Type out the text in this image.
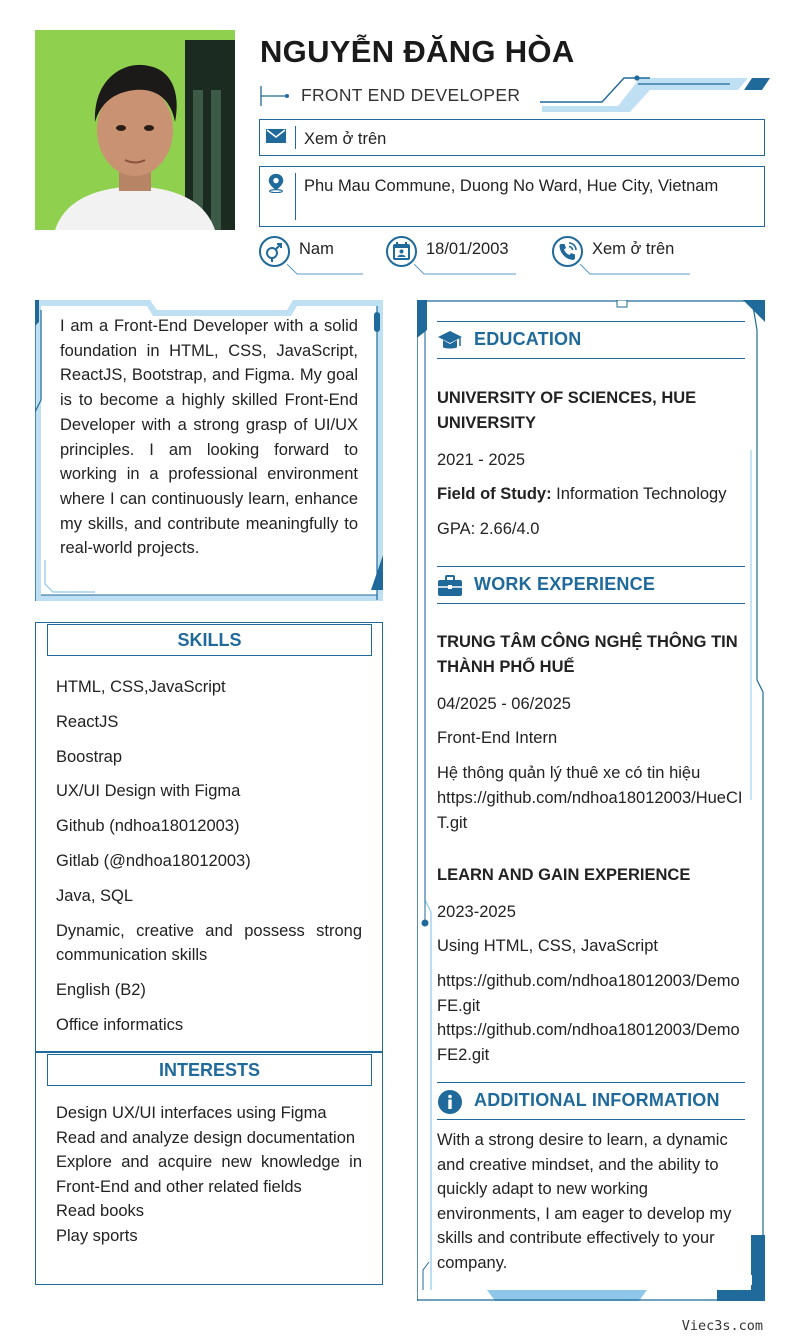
NGUYỄN ĐĂNG HÒA
FRONT END DEVELOPER
Xem ở trên
Phu Mau Commune, Duong No Ward, Hue City, Vietnam
Nam	18/01/2003	Xem ở trên
I am a Front-End Developer with a solid foundation in HTML, CSS, JavaScript, ReactJS, Bootstrap, and Figma. My goal is to become a highly skilled Front-End Developer with a strong grasp of UI/UX principles. I am looking forward to working in a professional environment where I can continuously learn, enhance my skills, and contribute meaningfully to real-world projects.
SKILLS
HTML, CSS,JavaScript
ReactJS
Boostrap
UX/UI Design with Figma
Github (ndhoa18012003)
Gitlab (@ndhoa18012003)
Java, SQL
Dynamic, creative and possess strong communication skills
English (B2)
Office informatics
INTERESTS
Design UX/UI interfaces using Figma
Read and analyze design documentation
Explore and acquire new knowledge in Front-End and other related fields
Read books
Play sports
EDUCATION
UNIVERSITY OF SCIENCES, HUE UNIVERSITY
2021 - 2025
Field of Study: Information Technology
GPA: 2.66/4.0
WORK EXPERIENCE
TRUNG TÂM CÔNG NGHỆ THÔNG TIN THÀNH PHỐ HUẾ
04/2025 - 06/2025
Front-End Intern
Hệ thông quản lý thuê xe có tin hiệu
https://github.com/ndhoa18012003/HueCIT.git
LEARN AND GAIN EXPERIENCE
2023-2025
Using HTML, CSS, JavaScript
https://github.com/ndhoa18012003/DemoFE.git
https://github.com/ndhoa18012003/DemoFE2.git
ADDITIONAL INFORMATION
With a strong desire to learn, a dynamic and creative mindset, and the ability to quickly adapt to new working environments, I am eager to develop my skills and contribute effectively to your company.
Viec3s.com
